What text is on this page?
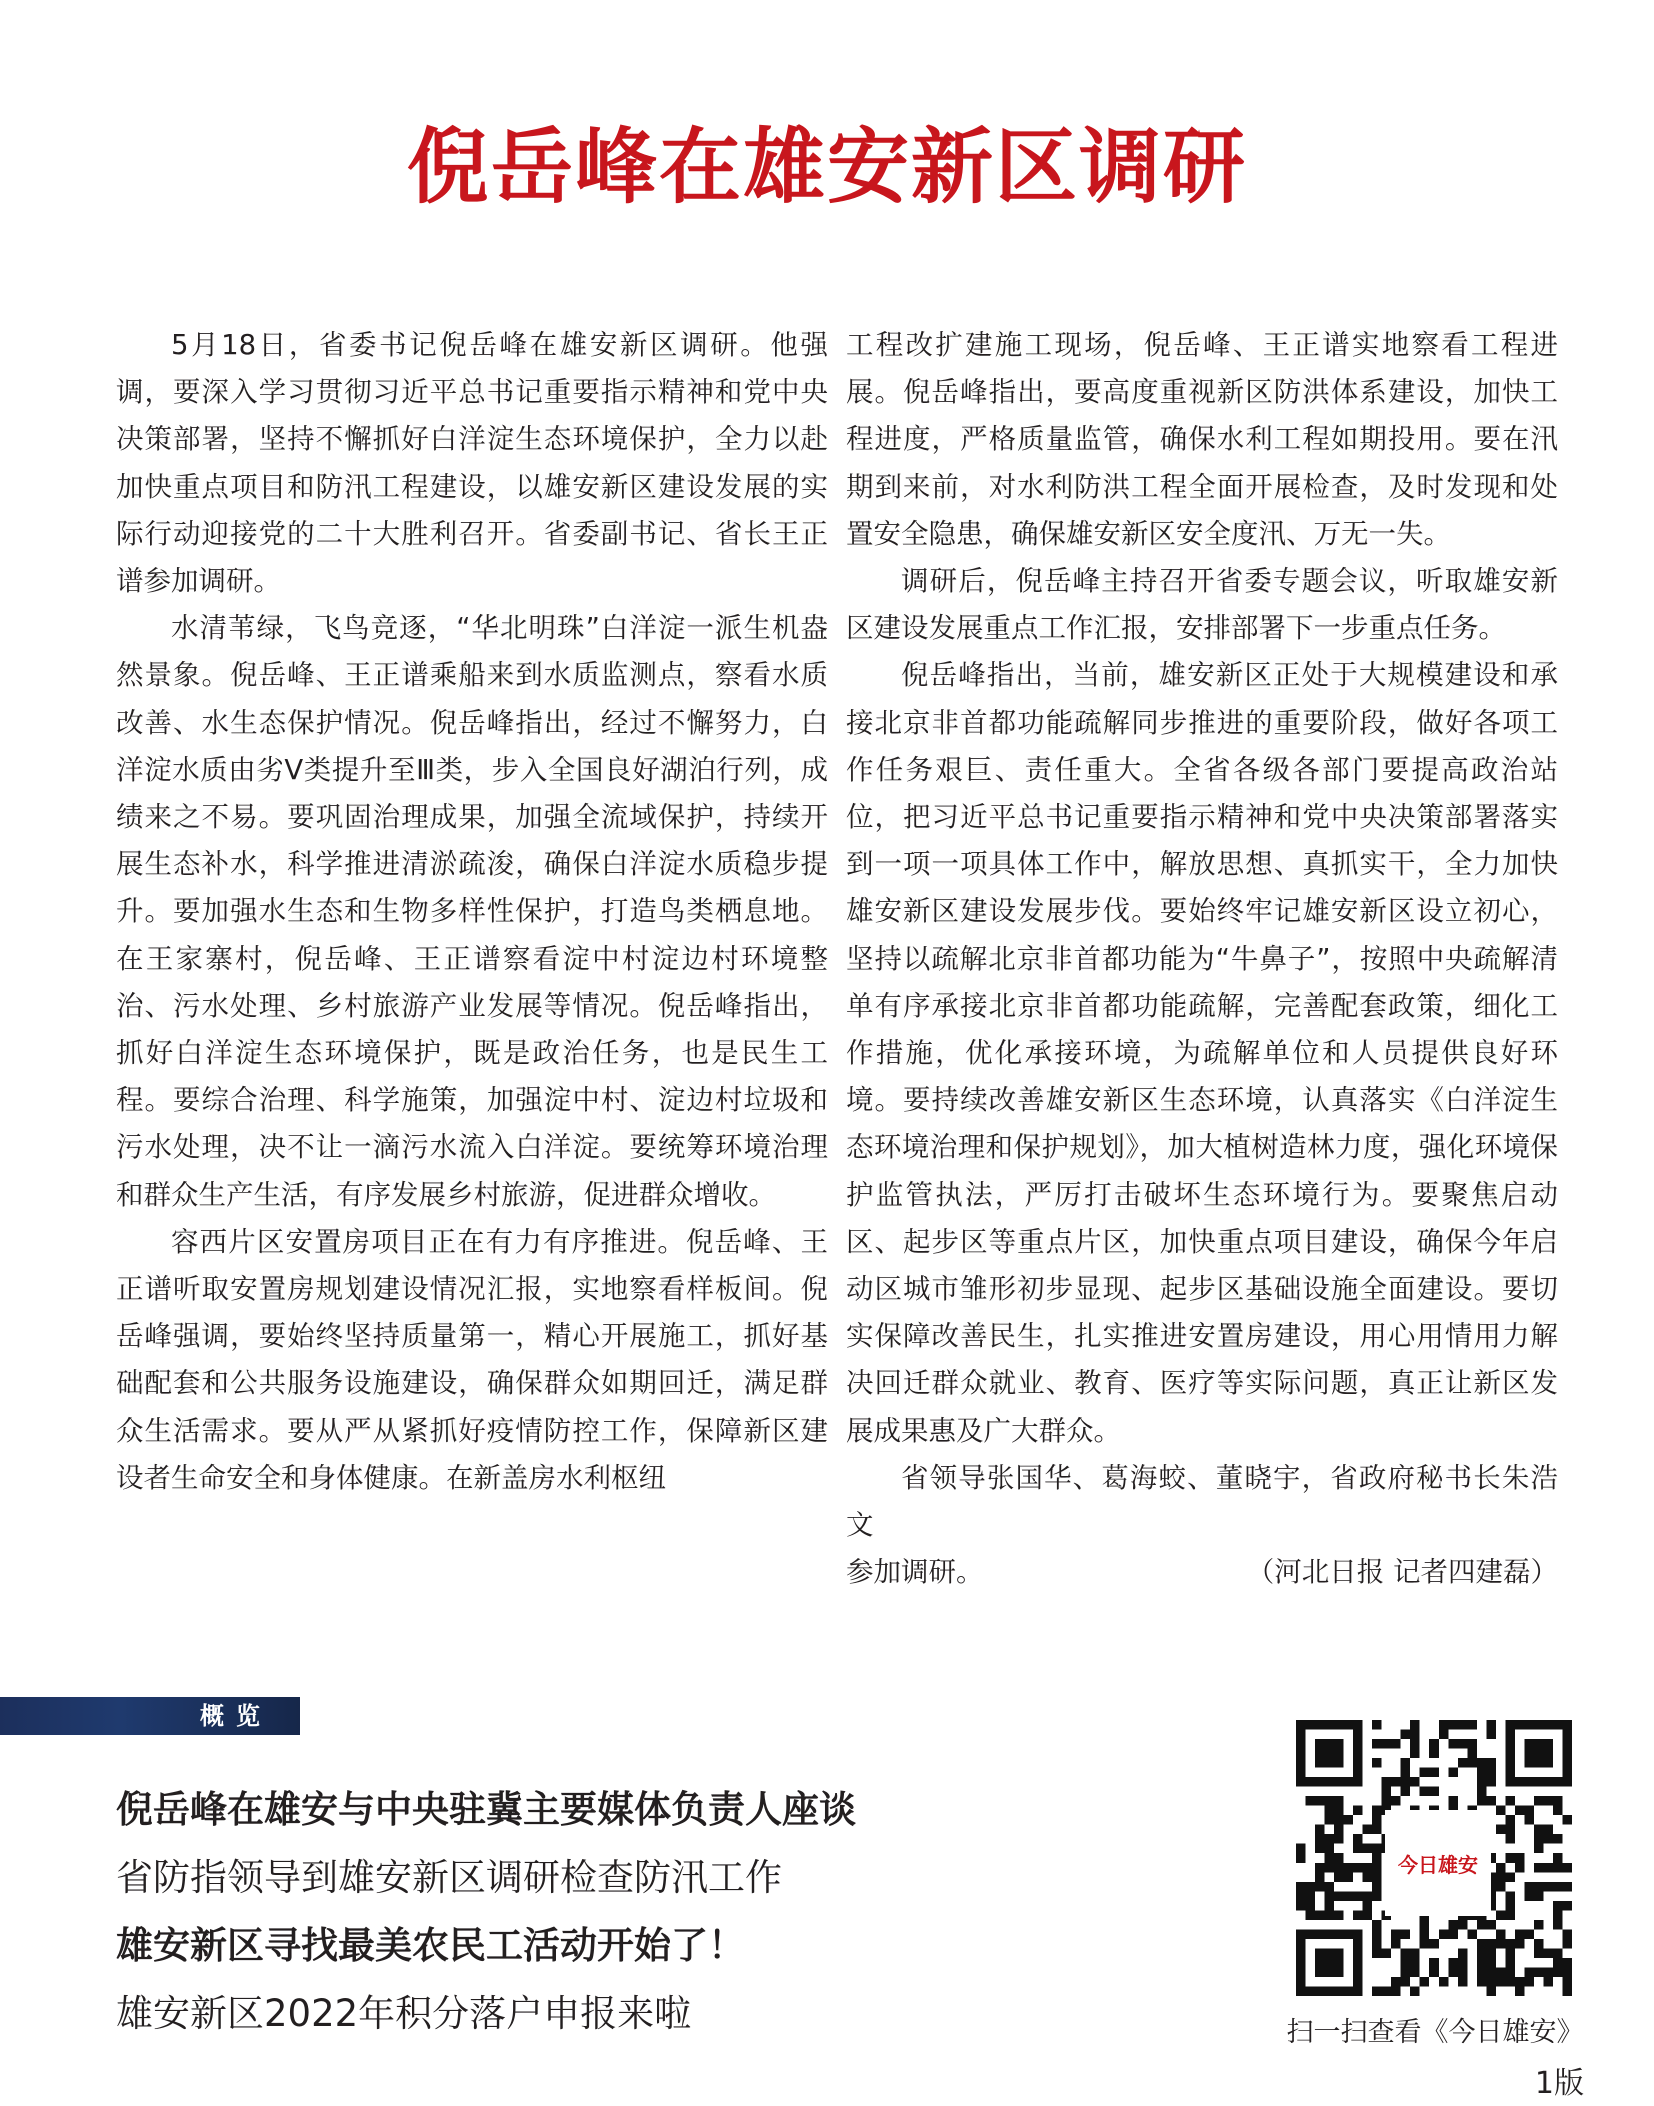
倪岳峰在雄安新区调研

5月18日，省委书记倪岳峰在雄安新区调研。他强调，要深入学习贯彻习近平总书记重要指示精神和党中央决策部署，坚持不懈抓好白洋淀生态环境保护，全力以赴加快重点项目和防汛工程建设，以雄安新区建设发展的实际行动迎接党的二十大胜利召开。省委副书记、省长王正谱参加调研。

水清苇绿，飞鸟竞逐，“华北明珠”白洋淀一派生机盎然景象。倪岳峰、王正谱乘船来到水质监测点，察看水质改善、水生态保护情况。倪岳峰指出，经过不懈努力，白洋淀水质由劣Ⅴ类提升至Ⅲ类，步入全国良好湖泊行列，成绩来之不易。要巩固治理成果，加强全流域保护，持续开展生态补水，科学推进清淤疏浚，确保白洋淀水质稳步提升。要加强水生态和生物多样性保护，打造鸟类栖息地。在王家寨村，倪岳峰、王正谱察看淀中村淀边村环境整治、污水处理、乡村旅游产业发展等情况。倪岳峰指出，抓好白洋淀生态环境保护，既是政治任务，也是民生工程。要综合治理、科学施策，加强淀中村、淀边村垃圾和污水处理，决不让一滴污水流入白洋淀。要统筹环境治理和群众生产生活，有序发展乡村旅游，促进群众增收。

容西片区安置房项目正在有力有序推进。倪岳峰、王正谱听取安置房规划建设情况汇报，实地察看样板间。倪岳峰强调，要始终坚持质量第一，精心开展施工，抓好基础配套和公共服务设施建设，确保群众如期回迁，满足群众生活需求。要从严从紧抓好疫情防控工作，保障新区建设者生命安全和身体健康。在新盖房水利枢纽

工程改扩建施工现场，倪岳峰、王正谱实地察看工程进展。倪岳峰指出，要高度重视新区防洪体系建设，加快工程进度，严格质量监管，确保水利工程如期投用。要在汛期到来前，对水利防洪工程全面开展检查，及时发现和处置安全隐患，确保雄安新区安全度汛、万无一失。

调研后，倪岳峰主持召开省委专题会议，听取雄安新区建设发展重点工作汇报，安排部署下一步重点任务。

倪岳峰指出，当前，雄安新区正处于大规模建设和承接北京非首都功能疏解同步推进的重要阶段，做好各项工作任务艰巨、责任重大。全省各级各部门要提高政治站位，把习近平总书记重要指示精神和党中央决策部署落实到一项一项具体工作中，解放思想、真抓实干，全力加快雄安新区建设发展步伐。要始终牢记雄安新区设立初心，坚持以疏解北京非首都功能为“牛鼻子”，按照中央疏解清单有序承接北京非首都功能疏解，完善配套政策，细化工作措施，优化承接环境，为疏解单位和人员提供良好环境。要持续改善雄安新区生态环境，认真落实《白洋淀生态环境治理和保护规划》，加大植树造林力度，强化环境保护监管执法，严厉打击破坏生态环境行为。要聚焦启动区、起步区等重点片区，加快重点项目建设，确保今年启动区城市雏形初步显现、起步区基础设施全面建设。要切实保障改善民生，扎实推进安置房建设，用心用情用力解决回迁群众就业、教育、医疗等实际问题，真正让新区发展成果惠及广大群众。

省领导张国华、葛海蛟、董晓宇，省政府秘书长朱浩文

参加调研。	（河北日报 记者四建磊）

概览
倪岳峰在雄安与中央驻冀主要媒体负责人座谈
省防指领导到雄安新区调研检查防汛工作
雄安新区寻找最美农民工活动开始了！
雄安新区2022年积分落户申报来啦
今日雄安
扫一扫查看《今日雄安》
1版
